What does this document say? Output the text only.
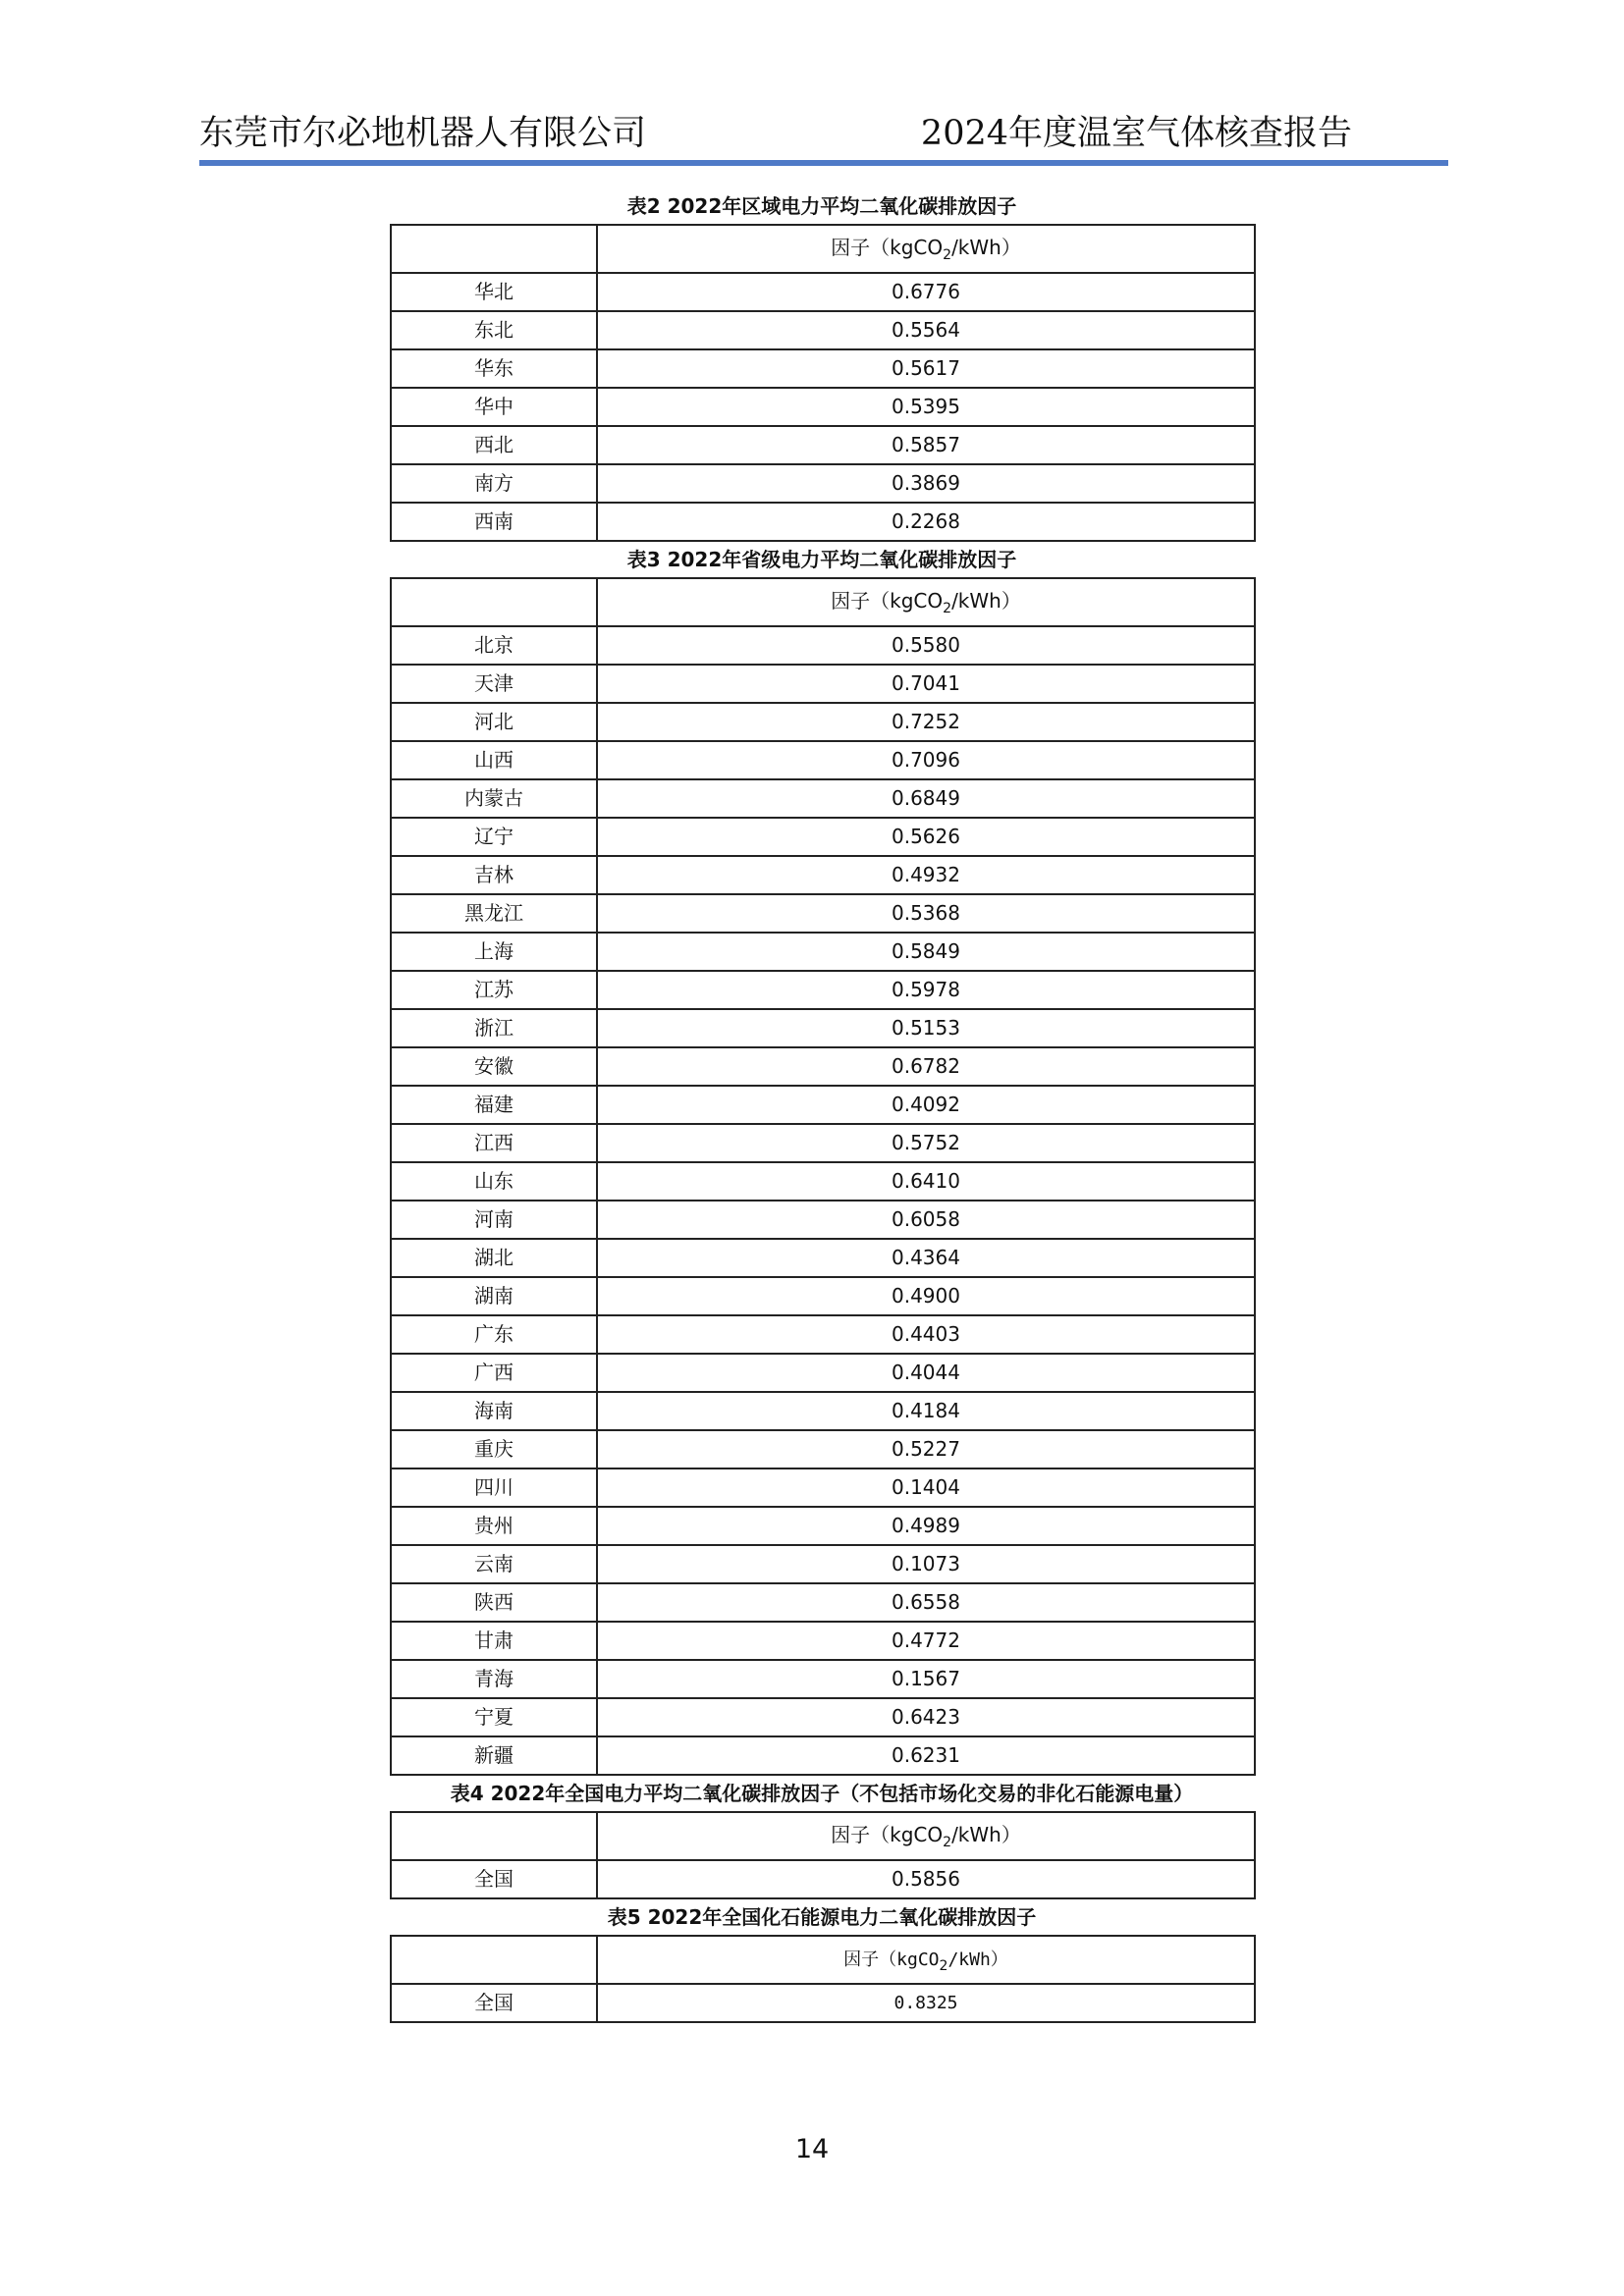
东莞市尔必地机器人有限公司	2024年度温室气体核查报告
表2 2022年区域电力平均二氧化碳排放因子
	因子（kgCO$_2$/kWh）
华北	0.6776
东北	0.5564
华东	0.5617
华中	0.5395
西北	0.5857
南方	0.3869
西南	0.2268
表3 2022年省级电力平均二氧化碳排放因子
	因子（kgCO$_2$/kWh）
北京	0.5580
天津	0.7041
河北	0.7252
山西	0.7096
内蒙古	0.6849
辽宁	0.5626
吉林	0.4932
黑龙江	0.5368
上海	0.5849
江苏	0.5978
浙江	0.5153
安徽	0.6782
福建	0.4092
江西	0.5752
山东	0.6410
河南	0.6058
湖北	0.4364
湖南	0.4900
广东	0.4403
广西	0.4044
海南	0.4184
重庆	0.5227
四川	0.1404
贵州	0.4989
云南	0.1073
陕西	0.6558
甘肃	0.4772
青海	0.1567
宁夏	0.6423
新疆	0.6231
表4 2022年全国电力平均二氧化碳排放因子（不包括市场化交易的非化石能源电量）
	因子（kgCO$_2$/kWh）
全国	0.5856
表5 2022年全国化石能源电力二氧化碳排放因子
	因子（kgCO$_2$/kWh）
全国	0.8325
14
